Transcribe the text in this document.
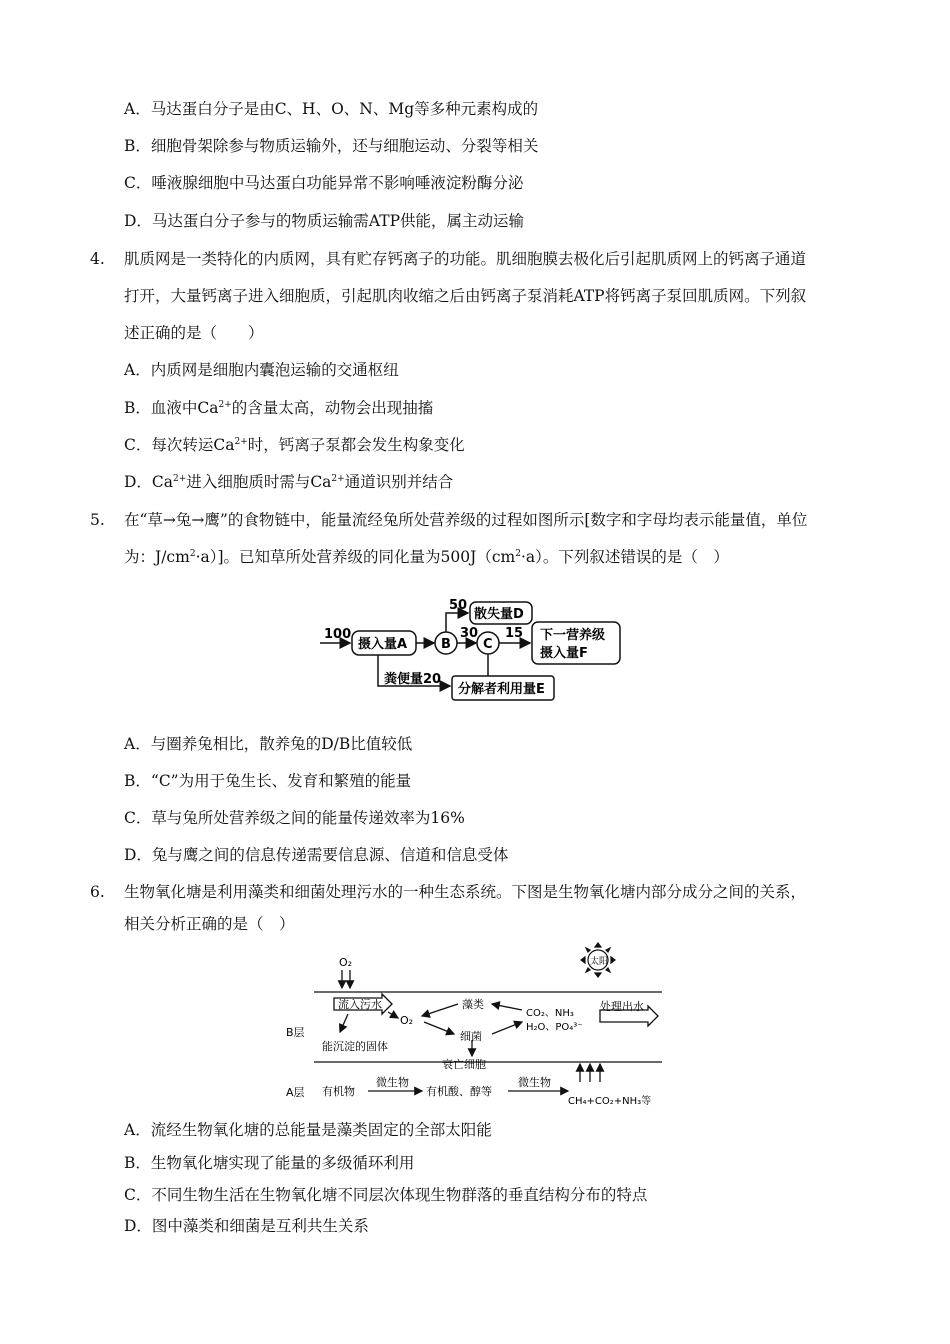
A．马达蛋白分子是由C、H、O、N、Mg等多种元素构成的
B．细胞骨架除参与物质运输外，还与细胞运动、分裂等相关
C．唾液腺细胞中马达蛋白功能异常不影响唾液淀粉酶分泌
D．马达蛋白分子参与的物质运输需ATP供能，属主动运输
4. 肌质网是一类特化的内质网，具有贮存钙离子的功能。肌细胞膜去极化后引起肌质网上的钙离子通道
打开，大量钙离子进入细胞质，引起肌肉收缩之后由钙离子泵消耗ATP将钙离子泵回肌质网。下列叙
述正确的是（　　）
A．内质网是细胞内囊泡运输的交通枢纽
B．血液中$Ca^{2+}$的含量太高，动物会出现抽搐
C．每次转运$Ca^{2+}$时，钙离子泵都会发生构象变化
D．$Ca^{2+}$进入细胞质时需与$Ca^{2+}$通道识别并结合
5. 在“草→兔→鹰”的食物链中，能量流经兔所处营养级的过程如图所示[数字和字母均表示能量值，单位
为：$J/cm^2\cdot a$）]。已知草所处营养级的同化量为$500J(cm^2\cdot a)$。下列叙述错误的是（　）
100
摄入量A	B C
50
散失量D
30 15 下一营养级
摄入量F
粪便量20
分解者利用量E
A．与圈养兔相比，散养兔的D/B比值较低
B．“C”为用于兔生长、发育和繁殖的能量
C．草与兔所处营养级之间的能量传递效率为16%
D．兔与鹰之间的信息传递需要信息源、信道和信息受体
6. 生物氧化塘是利用藻类和细菌处理污水的一种生态系统。下图是生物氧化塘内部分成分之间的关系，
相关分析正确的是（　）
太阳
O₂
流入污水
O₂
藻类
细菌
CO₂、NH₃
H₂O、PO₄³⁻
处理出水
B层
能沉淀的固体
衰亡细胞
A层 有机物
微生物
有机酸、醇等
微生物
CH₄+CO₂+NH₃等
A．流经生物氧化塘的总能量是藻类固定的全部太阳能
B．生物氧化塘实现了能量的多级循环利用
C．不同生物生活在生物氧化塘不同层次体现生物群落的垂直结构分布的特点
D．图中藻类和细菌是互利共生关系
